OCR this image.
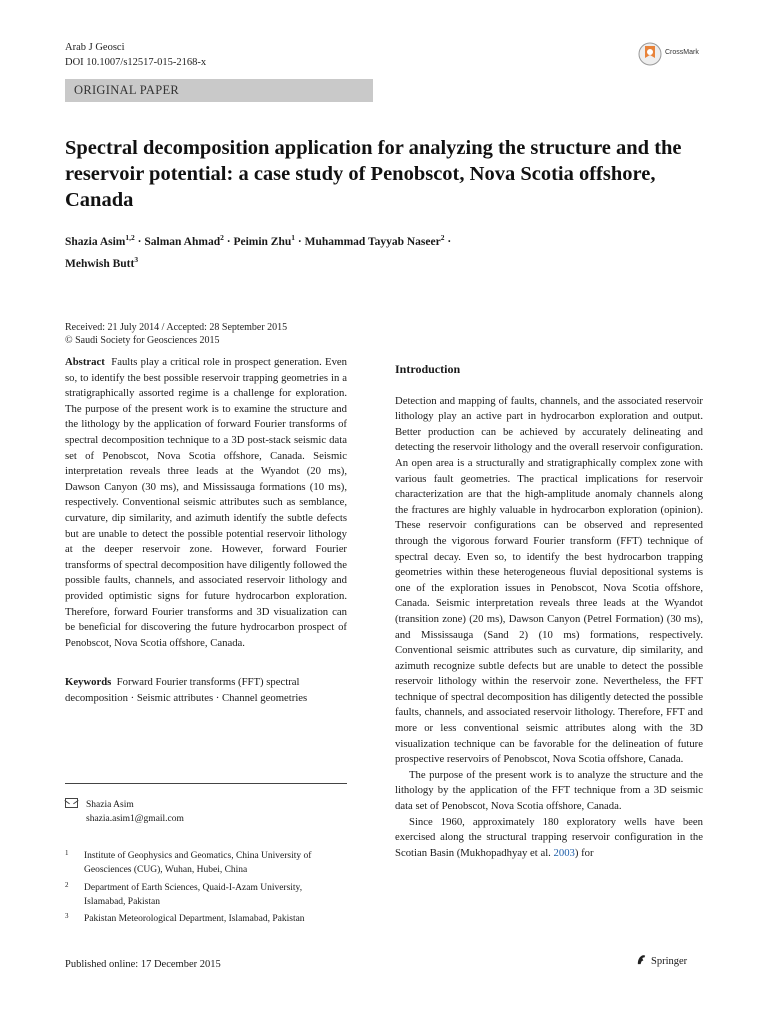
Arab J Geosci
DOI 10.1007/s12517-015-2168-x
CrossMark
ORIGINAL PAPER
Spectral decomposition application for analyzing the structure and the reservoir potential: a case study of Penobscot, Nova Scotia offshore, Canada
Shazia Asim$^{1,2}$ · Salman Ahmad$^2$ · Peimin Zhu$^1$ · Muhammad Tayyab Naseer$^2$ ·
Mehwish Butt$^3$
Received: 21 July 2014 / Accepted: 28 September 2015
© Saudi Society for Geosciences 2015

Abstract Faults play a critical role in prospect generation. Even so, to identify the best possible reservoir trapping geometries in a stratigraphically assorted regime is a challenge for exploration. The purpose of the present work is to examine the structure and the lithology by the application of forward Fourier transforms of spectral decomposition technique to a 3D post-stack seismic data set of Penobscot, Nova Scotia offshore, Canada. Seismic interpretation reveals three leads at the Wyandot (20 ms), Dawson Canyon (30 ms), and Mississauga formations (10 ms), respectively. Conventional seismic attributes such as semblance, curvature, dip similarity, and azimuth identify the subtle defects but are unable to detect the possible potential reservoir lithology at the deeper reservoir zone. However, forward Fourier transforms of spectral decomposition have diligently followed the possible faults, channels, and associated reservoir lithology and provided optimistic signs for future hydrocarbon exploration. Therefore, forward Fourier transforms and 3D visualization can be beneficial for discovering the future hydrocarbon prospect of Penobscot, Nova Scotia offshore, Canada.

Keywords Forward Fourier transforms (FFT) spectral decomposition · Seismic attributes · Channel geometries

Shazia Asim
shazia.asim1@gmail.com
1 Institute of Geophysics and Geomatics, China University of Geosciences (CUG), Wuhan, Hubei, China
2 Department of Earth Sciences, Quaid-I-Azam University, Islamabad, Pakistan
3 Pakistan Meteorological Department, Islamabad, Pakistan
Introduction

Detection and mapping of faults, channels, and the associated reservoir lithology play an active part in hydrocarbon exploration and output. Better production can be achieved by accurately delineating and detecting the reservoir lithology and the overall reservoir configuration. An open area is a structurally and stratigraphically complex zone with various fault geometries. The practical implications for reservoir characterization are that the high-amplitude anomaly channels along the fractures are highly valuable in hydrocarbon exploration (opinion). These reservoir configurations can be observed and represented through the vigorous forward Fourier transform (FFT) technique of spectral decay. Even so, to identify the best hydrocarbon trapping geometries within these heterogeneous fluvial depositional systems is one of the exploration issues in Penobscot, Nova Scotia offshore, Canada. Seismic interpretation reveals three leads at the Wyandot (transition zone) (20 ms), Dawson Canyon (Petrel Formation) (30 ms), and Mississauga (Sand 2) (10 ms) formations, respectively. Conventional seismic attributes such as curvature, dip similarity, and azimuth recognize subtle defects but are unable to detect the possible reservoir lithology within the reservoir zone. Nevertheless, the FFT technique of spectral decomposition has diligently detected the possible faults, channels, and associated reservoir lithology. Therefore, FFT and more or less conventional seismic attributes along with the 3D visualization technique can be favorable for the delineation of future prospective reservoirs of Penobscot, Nova Scotia offshore, Canada.

The purpose of the present work is to analyze the structure and the lithology by the application of the FFT technique from a 3D seismic data set of Penobscot, Nova Scotia offshore, Canada.

Since 1960, approximately 180 exploratory wells have been exercised along the structural trapping reservoir configuration in the Scotian Basin (Mukhopadhyay et al. 2003) for

Published online: 17 December 2015	Springer
